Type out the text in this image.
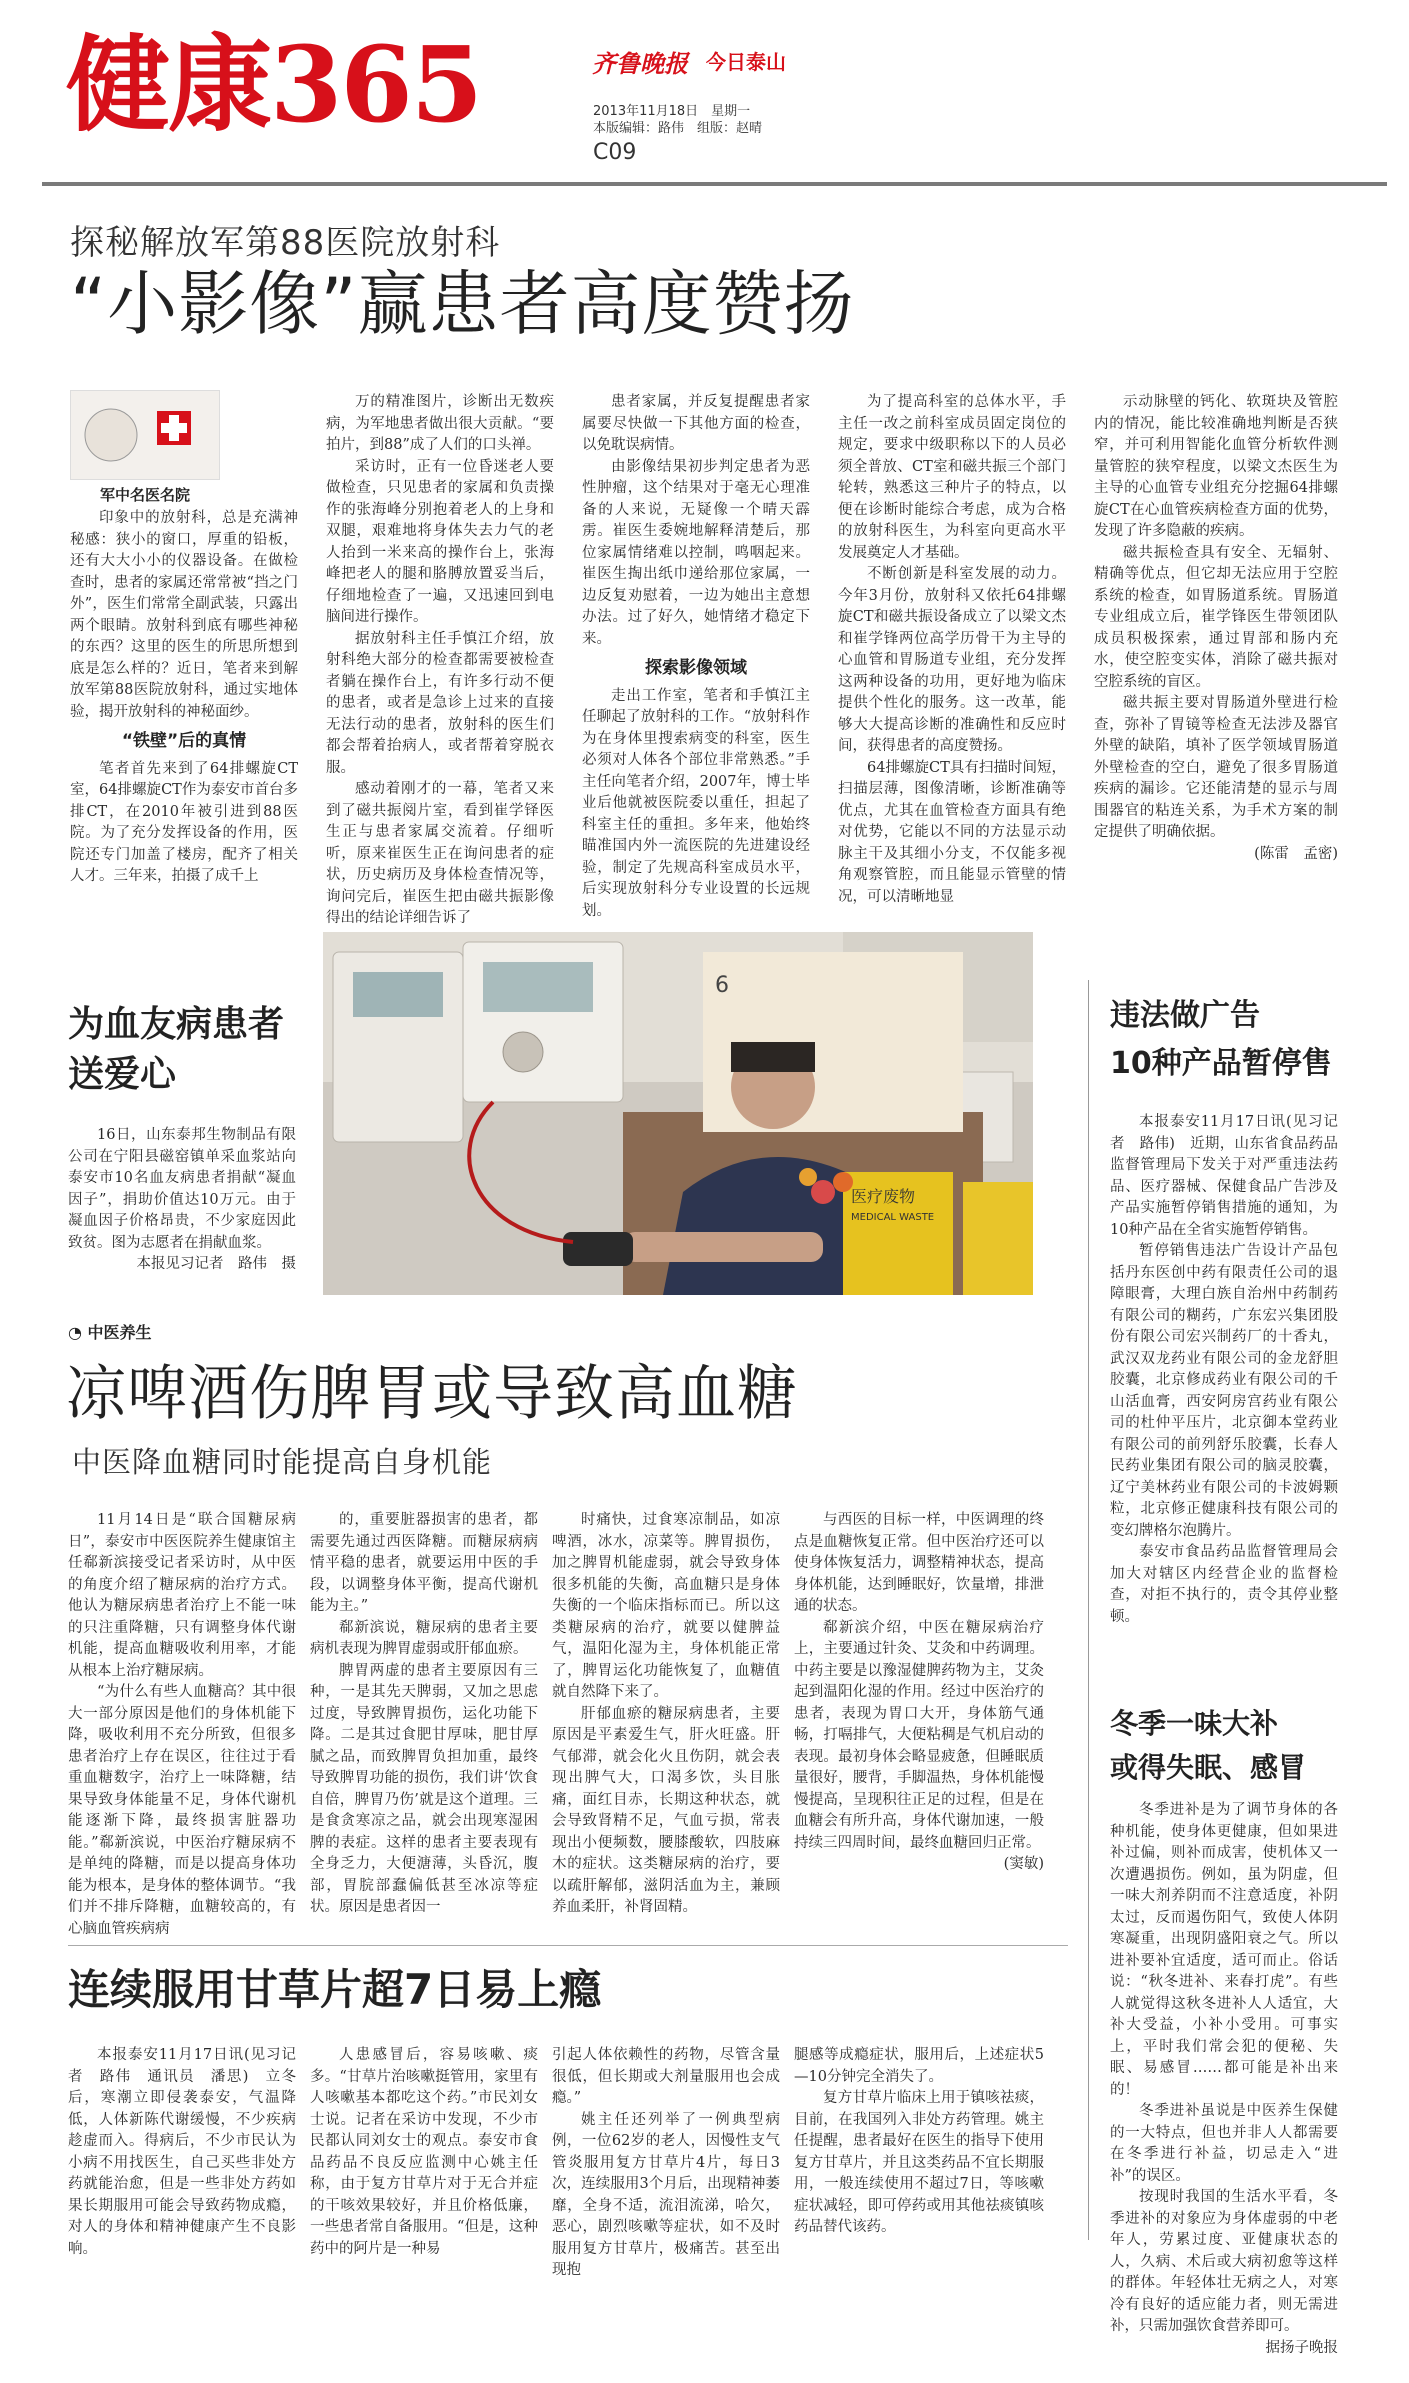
健康365	齐鲁晚报 今日泰山
2013年11月18日　星期一
本版编辑：路伟　组版：赵晴
C09
探秘解放军第88医院放射科
“小影像”赢患者高度赞扬
军中名医名院

印象中的放射科，总是充满神秘感：狭小的窗口，厚重的铅板，还有大大小小的仪器设备。在做检查时，患者的家属还常常被“挡之门外”，医生们常常全副武装，只露出两个眼睛。放射科到底有哪些神秘的东西？这里的医生的所思所想到底是怎么样的？近日，笔者来到解放军第88医院放射科，通过实地体验，揭开放射科的神秘面纱。

“铁壁”后的真情

笔者首先来到了64排螺旋CT室，64排螺旋CT作为泰安市首台多排CT，在2010年被引进到88医院。为了充分发挥设备的作用，医院还专门加盖了楼房，配齐了相关人才。三年来，拍摄了成千上

万的精准图片，诊断出无数疾病，为军地患者做出很大贡献。“要拍片，到88”成了人们的口头禅。

采访时，正有一位昏迷老人要做检查，只见患者的家属和负责操作的张海峰分别抱着老人的上身和双腿，艰难地将身体失去力气的老人抬到一米来高的操作台上，张海峰把老人的腿和胳膊放置妥当后，仔细地检查了一遍，又迅速回到电脑间进行操作。

据放射科主任手慎江介绍，放射科绝大部分的检查都需要被检查者躺在操作台上，有许多行动不便的患者，或者是急诊上过来的直接无法行动的患者，放射科的医生们都会帮着抬病人，或者帮着穿脱衣服。

感动着刚才的一幕，笔者又来到了磁共振阅片室，看到崔学铎医生正与患者家属交流着。仔细听听，原来崔医生正在询问患者的症状，历史病历及身体检查情况等，询问完后，崔医生把由磁共振影像得出的结论详细告诉了

患者家属，并反复提醒患者家属要尽快做一下其他方面的检查，以免耽误病情。

由影像结果初步判定患者为恶性肿瘤，这个结果对于毫无心理准备的人来说，无疑像一个晴天霹雳。崔医生委婉地解释清楚后，那位家属情绪难以控制，鸣咽起来。崔医生掏出纸巾递给那位家属，一边反复劝慰着，一边为她出主意想办法。过了好久，她情绪才稳定下来。

探索影像领域

走出工作室，笔者和手慎江主任聊起了放射科的工作。“放射科作为在身体里搜索病变的科室，医生必须对人体各个部位非常熟悉。”手主任向笔者介绍，2007年，博士毕业后他就被医院委以重任，担起了科室主任的重担。多年来，他始终瞄准国内外一流医院的先进建设经验，制定了先规高科室成员水平，后实现放射科分专业设置的长远规划。

为了提高科室的总体水平，手主任一改之前科室成员固定岗位的规定，要求中级职称以下的人员必须全普放、CT室和磁共振三个部门轮转，熟悉这三种片子的特点，以便在诊断时能综合考虑，成为合格的放射科医生，为科室向更高水平发展奠定人才基础。

不断创新是科室发展的动力。今年3月份，放射科又依托64排螺旋CT和磁共振设备成立了以梁文杰和崔学锋两位高学历骨干为主导的心血管和胃肠道专业组，充分发挥这两种设备的功用，更好地为临床提供个性化的服务。这一改革，能够大大提高诊断的准确性和反应时间，获得患者的高度赞扬。

64排螺旋CT具有扫描时间短，扫描层薄，图像清晰，诊断准确等优点，尤其在血管检查方面具有绝对优势，它能以不同的方法显示动脉主干及其细小分支，不仅能多视角观察管腔，而且能显示管壁的情况，可以清晰地显

示动脉壁的钙化、软斑块及管腔内的情况，能比较准确地判断是否狭窄，并可利用智能化血管分析软件测量管腔的狭窄程度，以梁文杰医生为主导的心血管专业组充分挖掘64排螺旋CT在心血管疾病检查方面的优势，发现了许多隐蔽的疾病。

磁共振检查具有安全、无辐射、精确等优点，但它却无法应用于空腔系统的检查，如胃肠道系统。胃肠道专业组成立后，崔学锋医生带领团队成员积极探索，通过胃部和肠内充水，使空腔变实体，消除了磁共振对空腔系统的盲区。

磁共振主要对胃肠道外壁进行检查，弥补了胃镜等检查无法涉及器官外壁的缺陷，填补了医学领域胃肠道外壁检查的空白，避免了很多胃肠道疾病的漏诊。它还能清楚的显示与周围器官的粘连关系，为手术方案的制定提供了明确依据。

(陈雷　孟密)
为血友病患者送爱心

16日，山东泰邦生物制品有限公司在宁阳县磁窑镇单采血浆站向泰安市10名血友病患者捐献“凝血因子”，捐助价值达10万元。由于凝血因子价格昂贵，不少家庭因此致贫。图为志愿者在捐献血浆。

本报见习记者　路伟　摄
6
医疗废物
MEDICAL WASTE
违法做广告
10种产品暂停售

本报泰安11月17日讯(见习记者　路伟)　近期，山东省食品药品监督管理局下发关于对严重违法药品、医疗器械、保健食品广告涉及产品实施暂停销售措施的通知，为10种产品在全省实施暂停销售。

暂停销售违法广告设计产品包括丹东医创中药有限责任公司的退障眼膏，大理白族自治州中药制药有限公司的糊药，广东宏兴集团股份有限公司宏兴制药厂的十香丸，武汉双龙药业有限公司的金龙舒胆胶囊，北京修成药业有限公司的千山活血膏，西安阿房宫药业有限公司的杜仲平压片，北京御本堂药业有限公司的前列舒乐胶囊，长春人民药业集团有限公司的脑灵胶囊，辽宁美林药业有限公司的卡波姆颗粒，北京修正健康科技有限公司的变幻牌格尔泡腾片。

泰安市食品药品监督管理局会加大对辖区内经营企业的监督检查，对拒不执行的，责令其停业整顿。

冬季一味大补
或得失眠、感冒

冬季进补是为了调节身体的各种机能，使身体更健康，但如果进补过偏，则补而成害，使机体又一次遭遇损伤。例如，虽为阴虚，但一味大剂养阴而不注意适度，补阴太过，反而遏伤阳气，致使人体阴寒凝重，出现阴盛阳衰之气。所以进补要补宜适度，适可而止。俗话说：“秋冬进补、来春打虎”。有些人就觉得这秋冬进补人人适宜，大补大受益，小补小受用。可事实上，平时我们常会犯的便秘、失眠、易感冒……都可能是补出来的！

冬季进补虽说是中医养生保健的一大特点，但也并非人人都需要在冬季进行补益，切忌走入“进补”的误区。

按现时我国的生活水平看，冬季进补的对象应为身体虚弱的中老年人，劳累过度、亚健康状态的人，久病、术后或大病初愈等这样的群体。年轻体壮无病之人，对寒冷有良好的适应能力者，则无需进补，只需加强饮食营养即可。

据扬子晚报
◔ 中医养生
凉啤酒伤脾胃或导致高血糖
中医降血糖同时能提高自身机能

11月14日是“联合国糖尿病日”，泰安市中医医院养生健康馆主任郗新滨接受记者采访时，从中医的角度介绍了糖尿病的治疗方式。他认为糖尿病患者治疗上不能一味的只注重降糖，只有调整身体代谢机能，提高血糖吸收利用率，才能从根本上治疗糖尿病。

“为什么有些人血糖高？其中很大一部分原因是他们的身体机能下降，吸收利用不充分所致，但很多患者治疗上存在误区，往往过于看重血糖数字，治疗上一味降糖，结果导致身体能量不足，身体代谢机能逐渐下降，最终损害脏器功能。”郗新滨说，中医治疗糖尿病不是单纯的降糖，而是以提高身体功能为根本，是身体的整体调节。“我们并不排斥降糖，血糖较高的，有心脑血管疾病病

的，重要脏器损害的患者，都需要先通过西医降糖。而糖尿病病情平稳的患者，就要运用中医的手段，以调整身体平衡，提高代谢机能为主。”

郗新滨说，糖尿病的患者主要病机表现为脾胃虚弱或肝郁血瘀。

脾胃两虚的患者主要原因有三种，一是其先天脾弱，又加之思虑过度，导致脾胃损伤，运化功能下降。二是其过食肥甘厚味，肥甘厚腻之品，而致脾胃负担加重，最终导致脾胃功能的损伤，我们讲‘饮食自倍，脾胃乃伤’就是这个道理。三是食贪寒凉之品，就会出现寒湿困脾的表症。这样的患者主要表现有全身乏力，大便溏薄，头昏沉，腹部，胃脘部蠢偏低甚至冰凉等症状。原因是患者因一

时痛快，过食寒凉制品，如凉啤酒，冰水，凉菜等。脾胃损伤，加之脾胃机能虚弱，就会导致身体很多机能的失衡，高血糖只是身体失衡的一个临床指标而已。所以这类糖尿病的治疗，就要以健脾益气，温阳化湿为主，身体机能正常了，脾胃运化功能恢复了，血糖值就自然降下来了。

肝郁血瘀的糖尿病患者，主要原因是平素爱生气，肝火旺盛。肝气郁滞，就会化火且伤阴，就会表现出脾气大，口渴多饮，头目胀痛，面红目赤，长期这种状态，就会导致肾精不足，气血亏损，常表现出小便频数，腰膝酸软，四肢麻木的症状。这类糖尿病的治疗，要以疏肝解郁，滋阴活血为主，兼顾养血柔肝，补肾固精。

与西医的目标一样，中医调理的终点是血糖恢复正常。但中医治疗还可以使身体恢复活力，调整精神状态，提高身体机能，达到睡眠好，饮量增，排泄通的状态。

郗新滨介绍，中医在糖尿病治疗上，主要通过针灸、艾灸和中药调理。中药主要是以豫湿健脾药物为主，艾灸起到温阳化湿的作用。经过中医治疗的患者，表现为胃口大开，身体筋气通畅，打嗝排气，大便粘稠是气机启动的表现。最初身体会略显疲惫，但睡眠质量很好，腰背，手脚温热，身体机能慢慢提高，呈现积往正足的过程，但是在血糖会有所升高，身体代谢加速，一般持续三四周时间，最终血糖回归正常。

(窦敏)
连续服用甘草片超7日易上瘾

本报泰安11月17日讯(见习记者　路伟　通讯员　潘思)　立冬后，寒潮立即侵袭泰安，气温降低，人体新陈代谢缓慢，不少疾病趁虚而入。得病后，不少市民认为小病不用找医生，自己买些非处方药就能治愈，但是一些非处方药如果长期服用可能会导致药物成瘾，对人的身体和精神健康产生不良影响。

人患感冒后，容易咳嗽、痰多。“甘草片治咳嗽挺管用，家里有人咳嗽基本都吃这个药。”市民刘女士说。记者在采访中发现，不少市民都认同刘女士的观点。泰安市食品药品不良反应监测中心姚主任称，由于复方甘草片对于无合并症的干咳效果较好，并且价格低廉，一些患者常自备服用。“但是，这种药中的阿片是一种易

引起人体依赖性的药物，尽管含量很低，但长期或大剂量服用也会成瘾。”

姚主任还列举了一例典型病例，一位62岁的老人，因慢性支气管炎服用复方甘草片4片，每日3次，连续服用3个月后，出现精神萎靡，全身不适，流泪流涕，哈欠，恶心，剧烈咳嗽等症状，如不及时服用复方甘草片，极痛苦。甚至出现抱

腿感等成瘾症状，服用后，上述症状5—10分钟完全消失了。

复方甘草片临床上用于镇咳祛痰，目前，在我国列入非处方药管理。姚主任提醒，患者最好在医生的指导下使用复方甘草片，并且这类药品不宜长期服用，一般连续使用不超过7日，等咳嗽症状减轻，即可停药或用其他祛痰镇咳药品替代该药。
